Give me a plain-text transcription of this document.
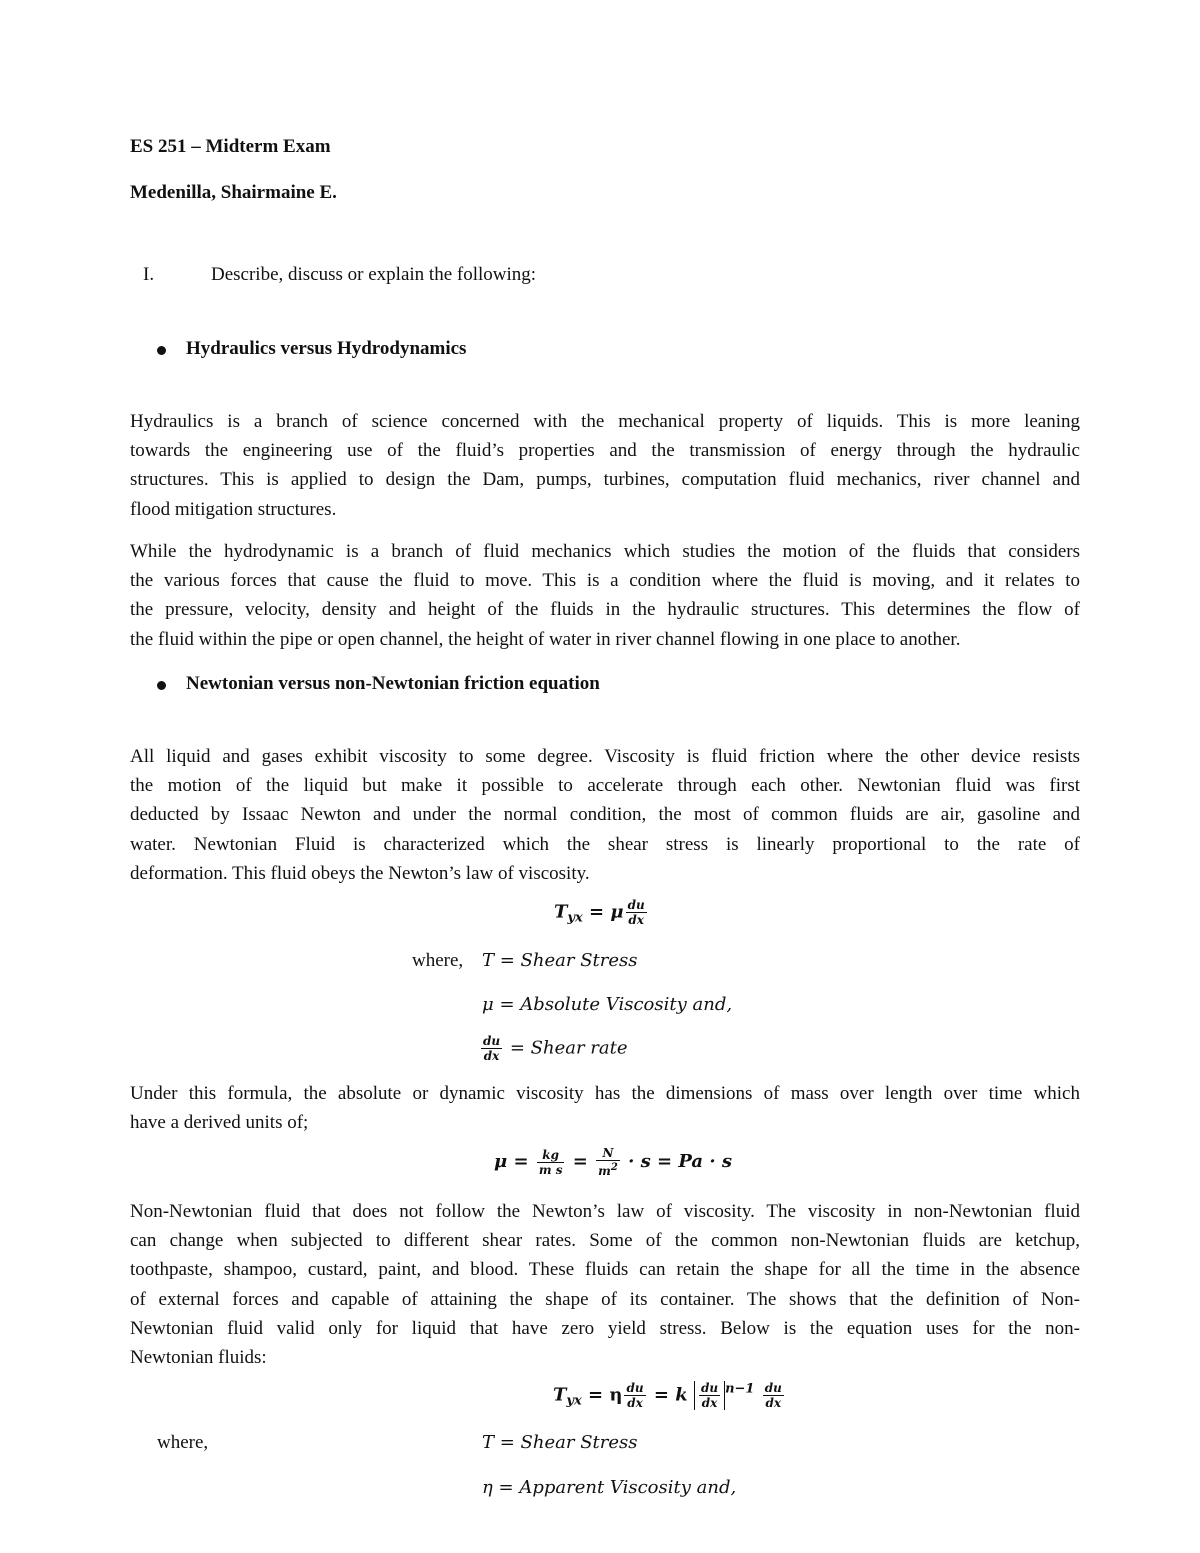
ES 251 – Midterm Exam
Medenilla, Shairmaine E.
I.	Describe, discuss or explain the following:
Hydraulics versus Hydrodynamics
Hydraulics is a branch of science concerned with the mechanical property of liquids. This is more leaning
towards the engineering use of the fluid’s properties and the transmission of energy through the hydraulic
structures. This is applied to design the Dam, pumps, turbines, computation fluid mechanics, river channel and
flood mitigation structures.
While the hydrodynamic is a branch of fluid mechanics which studies the motion of the fluids that considers
the various forces that cause the fluid to move. This is a condition where the fluid is moving, and it relates to
the pressure, velocity, density and height of the fluids in the hydraulic structures. This determines the flow of
the fluid within the pipe or open channel, the height of water in river channel flowing in one place to another.
Newtonian versus non-Newtonian friction equation
All liquid and gases exhibit viscosity to some degree. Viscosity is fluid friction where the other device resists
the motion of the liquid but make it possible to accelerate through each other. Newtonian fluid was first
deducted by Issaac Newton and under the normal condition, the most of common fluids are air, gasoline and
water. Newtonian Fluid is characterized which the shear stress is linearly proportional to the rate of
deformation. This fluid obeys the Newton’s law of viscosity.
$T_{yx} = \mu \frac{du}{dx}$
where, T = Shear Stress
μ = Absolute Viscosity and,
$\frac{du}{dx}$ = Shear rate
Under this formula, the absolute or dynamic viscosity has the dimensions of mass over length over time which
have a derived units of;
$\mu = \frac{kg}{\text{m s}} = \frac{N}{m^2} \cdot s = Pa \cdot s$
Non-Newtonian fluid that does not follow the Newton’s law of viscosity. The viscosity in non-Newtonian fluid
can change when subjected to different shear rates. Some of the common non-Newtonian fluids are ketchup,
toothpaste, shampoo, custard, paint, and blood. These fluids can retain the shape for all the time in the absence
of external forces and capable of attaining the shape of its container. The shows that the definition of Non-
Newtonian fluid valid only for liquid that have zero yield stress. Below is the equation uses for the non-
Newtonian fluids:
$T_{yx} = \eta \frac{du}{dx} = k \frac{du}{dx} ^{n-1} \frac{du}{dx}$
where,	T = Shear Stress
η = Apparent Viscosity and,
